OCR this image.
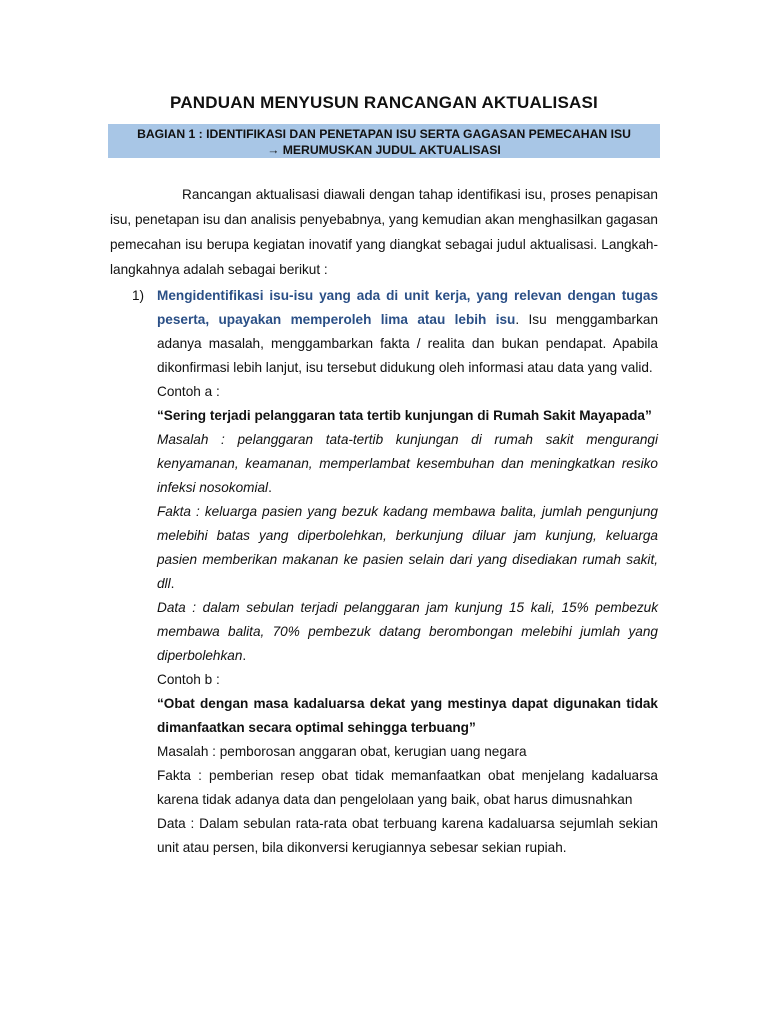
PANDUAN MENYUSUN RANCANGAN AKTUALISASI
BAGIAN 1 : IDENTIFIKASI DAN PENETAPAN ISU SERTA GAGASAN PEMECAHAN ISU
→ MERUMUSKAN JUDUL AKTUALISASI
Rancangan aktualisasi diawali dengan tahap identifikasi isu, proses penapisan isu, penetapan isu dan analisis penyebabnya, yang kemudian akan menghasilkan gagasan pemecahan isu berupa kegiatan inovatif yang diangkat sebagai judul aktualisasi. Langkah-langkahnya adalah sebagai berikut :
1) Mengidentifikasi isu-isu yang ada di unit kerja, yang relevan dengan tugas peserta, upayakan memperoleh lima atau lebih isu. Isu menggambarkan adanya masalah, menggambarkan fakta / realita dan bukan pendapat. Apabila dikonfirmasi lebih lanjut, isu tersebut didukung oleh informasi atau data yang valid.

Contoh a :

“Sering terjadi pelanggaran tata tertib kunjungan di Rumah Sakit Mayapada”

Masalah : pelanggaran tata-tertib kunjungan di rumah sakit mengurangi kenyamanan, keamanan, memperlambat kesembuhan dan meningkatkan resiko infeksi nosokomial.

Fakta : keluarga pasien yang bezuk kadang membawa balita, jumlah pengunjung melebihi batas yang diperbolehkan, berkunjung diluar jam kunjung, keluarga pasien memberikan makanan ke pasien selain dari yang disediakan rumah sakit, dll.

Data : dalam sebulan terjadi pelanggaran jam kunjung 15 kali, 15% pembezuk membawa balita, 70% pembezuk datang berombongan melebihi jumlah yang diperbolehkan.

Contoh b :

“Obat dengan masa kadaluarsa dekat yang mestinya dapat digunakan tidak dimanfaatkan secara optimal sehingga terbuang”

Masalah : pemborosan anggaran obat, kerugian uang negara

Fakta : pemberian resep obat tidak memanfaatkan obat menjelang kadaluarsa karena tidak adanya data dan pengelolaan yang baik, obat harus dimusnahkan

Data : Dalam sebulan rata-rata obat terbuang karena kadaluarsa sejumlah sekian unit atau persen, bila dikonversi kerugiannya sebesar sekian rupiah.
